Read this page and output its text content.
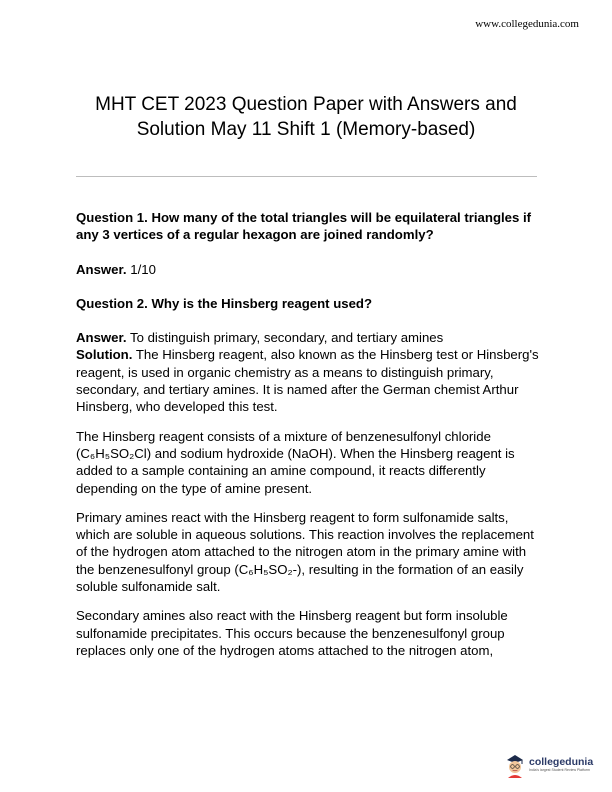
www.collegedunia.com
MHT CET 2023 Question Paper with Answers and
Solution May 11 Shift 1 (Memory-based)

Question 1. How many of the total triangles will be equilateral triangles if any 3 vertices of a regular hexagon are joined randomly?

Answer. 1/10

Question 2. Why is the Hinsberg reagent used?

Answer. To distinguish primary, secondary, and tertiary amines
Solution. The Hinsberg reagent, also known as the Hinsberg test or Hinsberg's reagent, is used in organic chemistry as a means to distinguish primary, secondary, and tertiary amines. It is named after the German chemist Arthur Hinsberg, who developed this test.

The Hinsberg reagent consists of a mixture of benzenesulfonyl chloride (C₆H₅SO₂Cl) and sodium hydroxide (NaOH). When the Hinsberg reagent is added to a sample containing an amine compound, it reacts differently depending on the type of amine present.

Primary amines react with the Hinsberg reagent to form sulfonamide salts, which are soluble in aqueous solutions. This reaction involves the replacement of the hydrogen atom attached to the nitrogen atom in the primary amine with the benzenesulfonyl group (C₆H₅SO₂-), resulting in the formation of an easily soluble sulfonamide salt.

Secondary amines also react with the Hinsberg reagent but form insoluble sulfonamide precipitates. This occurs because the benzenesulfonyl group replaces only one of the hydrogen atoms attached to the nitrogen atom,

collegedunia
India's largest Student Review Platform
